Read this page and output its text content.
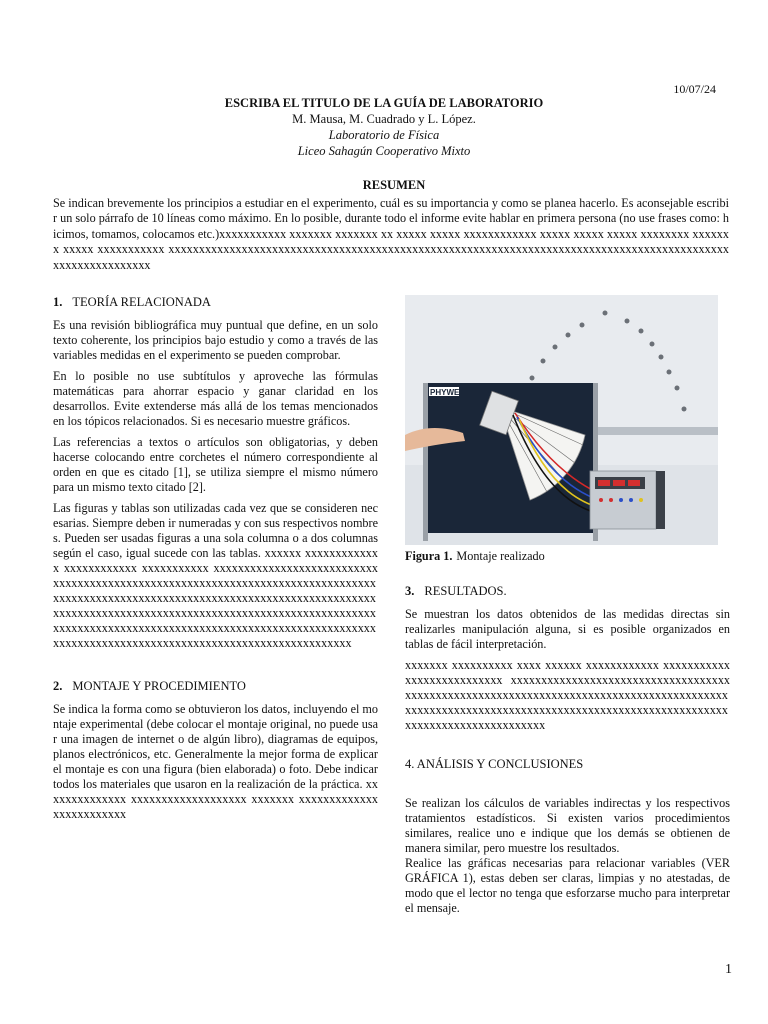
10/07/24
ESCRIBA EL TITULO DE LA GUÍA DE LABORATORIO
M. Mausa, M. Cuadrado y L. López.
Laboratorio de Física
Liceo Sahagún Cooperativo Mixto
RESUMEN
Se indican brevemente los principios a estudiar en el experimento, cuál es su importancia y como se planea hacerlo. Es aconsejable escribir un solo párrafo de 10 líneas como máximo. En lo posible, durante todo el informe evite hablar en primera persona (no use frases como: hicimos, tomamos, colocamos etc.)xxxxxxxxxxx xxxxxxx xxxxxxx xx xxxxx xxxxx xxxxxxxxxxxx xxxxx xxxxx xxxxx xxxxxxxx xxxxxxx xxxxx xxxxxxxxxxx xxxxxxxxxxxxxxxxxxxxxxxxxxxxxxxxxxxxxxxxxxxxxxxxxxxxxxxxxxxxxxxxxxxxxxxxxxxxxxxxxxxxxxxxxxxxxxxxxxxxxxxxxxxx
1. TEORÍA RELACIONADA

Es una revisión bibliográfica muy puntual que define, en un solo texto coherente, los principios bajo estudio y como a través de las variables medidas en el experimento se pueden comprobar.

En lo posible no use subtítulos y aproveche las fórmulas matemáticas para ahorrar espacio y ganar claridad en los desarrollos. Evite extenderse más allá de los temas mencionados en los tópicos relacionados. Si es necesario muestre gráficos.

Las referencias a textos o artículos son obligatorias, y deben hacerse colocando entre corchetes el número correspondiente al orden en que es citado [1], se utiliza siempre el mismo número para un mismo texto citado [2].

Las figuras y tablas son utilizadas cada vez que se consideren necesarias. Siempre deben ir numeradas y con sus respectivos nombres. Pueden ser usadas figuras a una sola columna o a dos columnas según el caso, igual sucede con las tablas. xxxxxx xxxxxxxxxxxxx xxxxxxxxxxxx xxxxxxxxxxx xxxxxxxxxxxxxxxxxxxxxxxxxxxxxxxxxxxxxxxxxxxxxxxxxxxxxxxxxxxxxxxxxxxxxxxxxxxxxxxxxxxxxxxxxxxxxxxxxxxxxxxxxxxxxxxxxxxxxxxxxxxxxxxxxxxxxxxxxxxxxxxxxxxxxxxxxxxxxxxxxxxxxxxxxxxxxxxxxxxxxxxxxxxxxxxxxxxxxxxxxxxxxxxxxxxxxxxxxxxxxxxxxxxxxxxxxxxxxxxxxxxxxxxxxxxxxxxxxxxxxxxxxxxxxxxxxxxxxxxxxxxxxxxx

2. MONTAJE Y PROCEDIMIENTO

Se indica la forma como se obtuvieron los datos, incluyendo el montaje experimental (debe colocar el montaje original, no puede usar una imagen de internet o de algún libro), diagramas de equipos, planos electrónicos, etc. Generalmente la mejor forma de explicar el montaje es con una figura (bien elaborada) o foto. Debe indicar todos los materiales que usaron en la realización de la práctica. xxxxxxxxxxxxxx xxxxxxxxxxxxxxxxxxx xxxxxxx xxxxxxxxxxxxxxxxxxxxxxxxx

PHYWE
Figura 1. Montaje realizado
3. RESULTADOS.

Se muestran los datos obtenidos de las medidas directas sin realizarles manipulación alguna, si es posible organizados en tablas de fácil interpretación.

xxxxxxx xxxxxxxxxx xxxx xxxxxx xxxxxxxxxxxx xxxxxxxxxxxxxxxxxxxxxxxxxxx xxxxxxxxxxxxxxxxxxxxxxxxxxxxxxxxxxxxxxxxxxxxxxxxxxxxxxxxxxxxxxxxxxxxxxxxxxxxxxxxxxxxxxxxxxxxxxxxxxxxxxxxxxxxxxxxxxxxxxxxxxxxxxxxxxxxxxxxxxxxxxxxxxxxxxxxxxxxxxxxxxxxx

4. ANÁLISIS Y CONCLUSIONES

Se realizan los cálculos de variables indirectas y los respectivos tratamientos estadísticos. Si existen varios procedimientos similares, realice uno e indique que los demás se obtienen de manera similar, pero muestre los resultados.

Realice las gráficas necesarias para relacionar variables (VER GRÁFICA 1), estas deben ser claras, limpias y no atestadas, de modo que el lector no tenga que esforzarse mucho para interpretar el mensaje.

1
